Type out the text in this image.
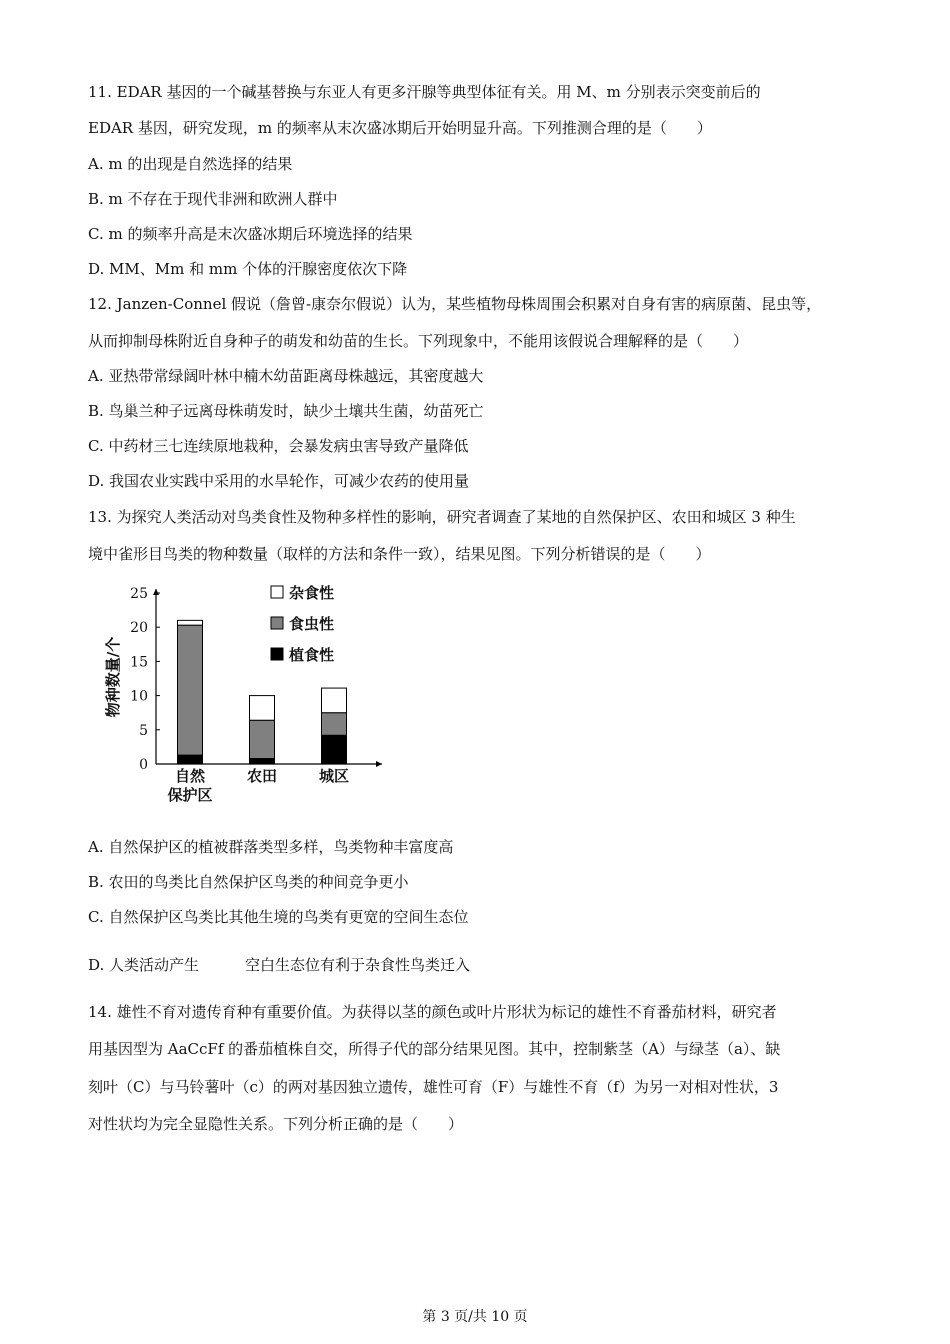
11. EDAR 基因的一个碱基替换与东亚人有更多汗腺等典型体征有关。用 M、m 分别表示突变前后的
EDAR 基因，研究发现，m 的频率从末次盛冰期后开始明显升高。下列推测合理的是（　　）
A. m 的出现是自然选择的结果
B. m 不存在于现代非洲和欧洲人群中
C. m 的频率升高是末次盛冰期后环境选择的结果
D. MM、Mm 和 mm 个体的汗腺密度依次下降
12. Janzen-Connel 假说（詹曾-康奈尔假说）认为，某些植物母株周围会积累对自身有害的病原菌、昆虫等，
从而抑制母株附近自身种子的萌发和幼苗的生长。下列现象中，不能用该假说合理解释的是（　　）
A. 亚热带常绿阔叶林中楠木幼苗距离母株越远，其密度越大
B. 鸟巢兰种子远离母株萌发时，缺少土壤共生菌，幼苗死亡
C. 中药材三七连续原地栽种，会暴发病虫害导致产量降低
D. 我国农业实践中采用的水旱轮作，可减少农药的使用量
13. 为探究人类活动对鸟类食性及物种多样性的影响，研究者调查了某地的自然保护区、农田和城区 3 种生
境中雀形目鸟类的物种数量（取样的方法和条件一致），结果见图。下列分析错误的是（　　）
0
5
10
15
20
25
物种数量/个
杂食性
食虫性
植食性
自然
保护区
农田	城区
A. 自然保护区的植被群落类型多样，鸟类物种丰富度高
B. 农田的鸟类比自然保护区鸟类的种间竞争更小
C. 自然保护区鸟类比其他生境的鸟类有更宽的空间生态位
D. 人类活动产生	空白生态位有利于杂食性鸟类迁入
14. 雄性不育对遗传育种有重要价值。为获得以茎的颜色或叶片形状为标记的雄性不育番茄材料，研究者
用基因型为 AaCcFf 的番茄植株自交，所得子代的部分结果见图。其中，控制紫茎（A）与绿茎（a）、缺
刻叶（C）与马铃薯叶（c）的两对基因独立遗传，雄性可育（F）与雄性不育（f）为另一对相对性状，3
对性状均为完全显隐性关系。下列分析正确的是（　　）
第 3 页/共 10 页
